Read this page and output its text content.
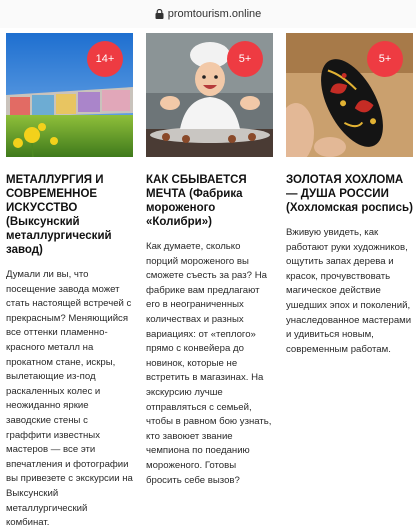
promtourism.online
14+
МЕТАЛЛУРГИЯ И СОВРЕМЕННОЕ ИСКУССТВО (Выксунский металлургический завод)
Думали ли вы, что посещение завода может стать настоящей встречей с прекрасным? Меняющийся все оттенки пламенно-красного металл на прокатном стане, искры, вылетающие из-под раскаленных колес и неожиданно яркие заводские стены с граффити известных мастеров — все эти впечатления и фотографии вы привезете с экскурсии на Выксунский металлургический комбинат.
5+
КАК СБЫВАЕТСЯ МЕЧТА (Фабрика мороженого «Колибри»)
Как думаете, сколько порций мороженого вы сможете съесть за раз? На фабрике вам предлагают его в неограниченных количествах и разных вариациях: от «теплого» прямо с конвейера до новинок, которые не встретить в магазинах. На экскурсию лучше отправляться с семьей, чтобы в равном бою узнать, кто завоюет звание чемпиона по поеданию мороженого. Готовы бросить себе вызов?
5+
ЗОЛОТАЯ ХОХЛОМА — ДУША РОССИИ (Хохломская роспись)
Вживую увидеть, как работают руки художников, ощутить запах дерева и красок, прочувствовать магическое действие ушедших эпох и поколений, унаследованное мастерами и удивиться новым, современным работам.
